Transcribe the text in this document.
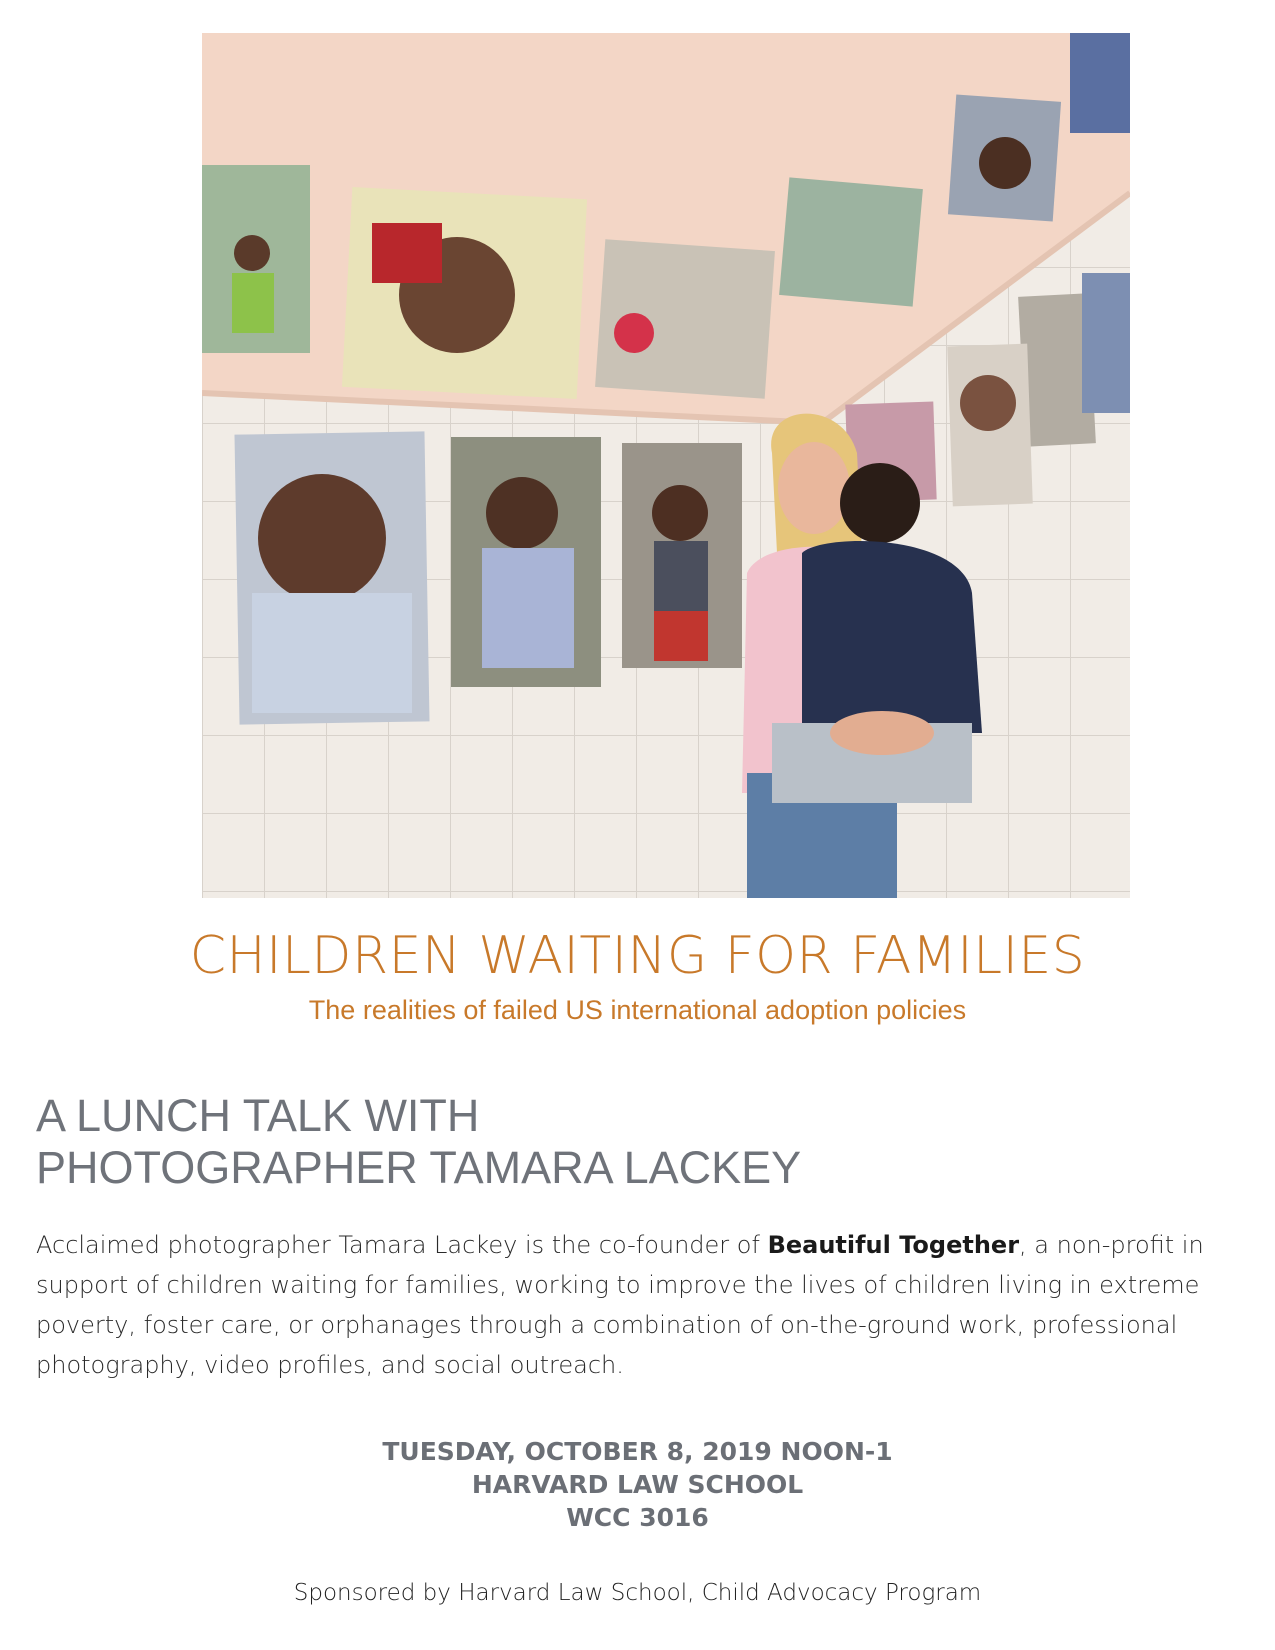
CHILDREN WAITING FOR FAMILIES
The realities of failed US international adoption policies
A LUNCH TALK WITH
PHOTOGRAPHER TAMARA LACKEY
Acclaimed photographer Tamara Lackey is the co-founder of Beautiful Together, a non-profit in support of children waiting for families, working to improve the lives of children living in extreme poverty, foster care, or orphanages through a combination of on-the-ground work, professional photography, video profiles, and social outreach.
TUESDAY, OCTOBER 8, 2019 NOON-1
HARVARD LAW SCHOOL
WCC 3016
Sponsored by Harvard Law School, Child Advocacy Program
